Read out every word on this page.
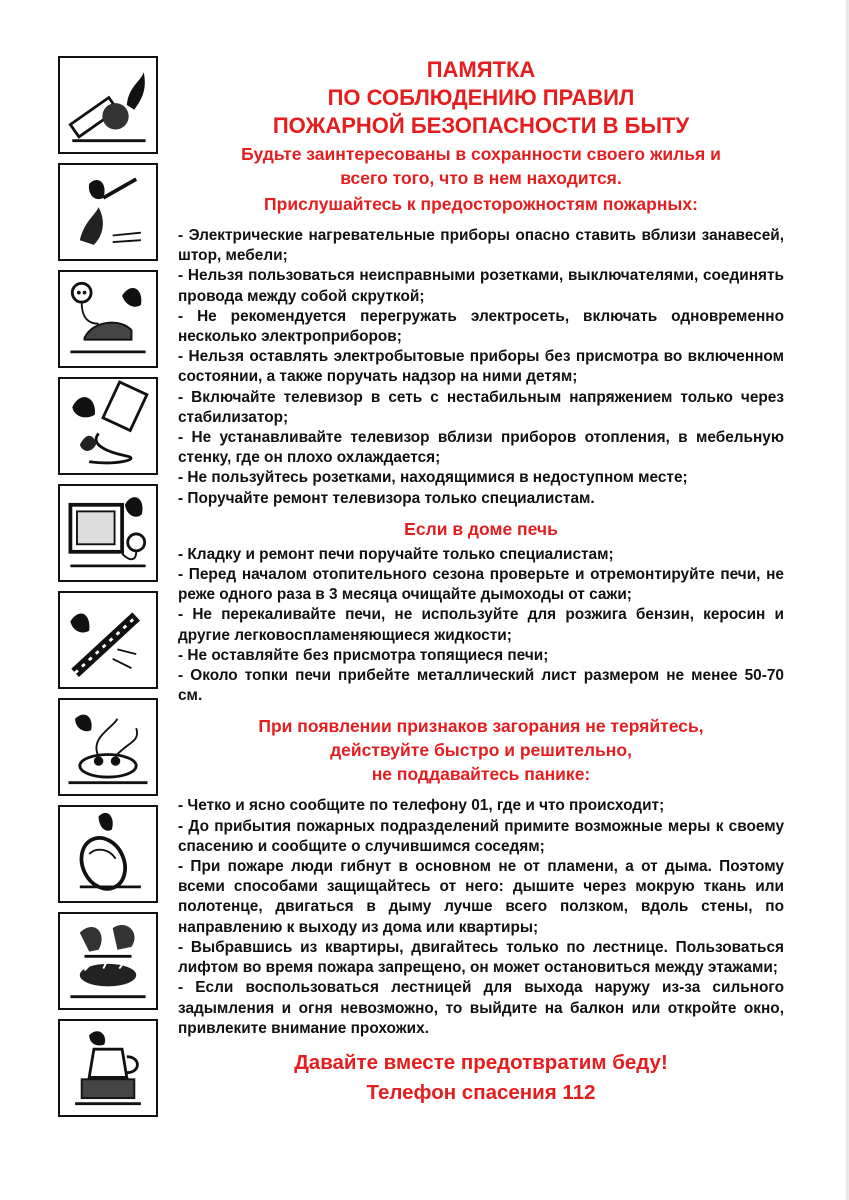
ПАМЯТКА

ПО СОБЛЮДЕНИЮ ПРАВИЛ

ПОЖАРНОЙ БЕЗОПАСНОСТИ В БЫТУ

Будьте заинтересованы в сохранности своего жилья и

всего того, что в нем находится.

Прислушайтесь к предосторожностям пожарных:

- Электрические нагревательные приборы опасно ставить вблизи занавесей, штор, мебели;
- Нельзя пользоваться неисправными розетками, выключателями, соединять провода между собой скруткой;
- Не рекомендуется перегружать электросеть, включать одновременно несколько электроприборов;
- Нельзя оставлять электробытовые приборы без присмотра во включенном состоянии, а также поручать надзор на ними детям;
- Включайте телевизор в сеть с нестабильным напряжением только через стабилизатор;
- Не устанавливайте телевизор вблизи приборов отопления, в мебельную стенку, где он плохо охлаждается;
- Не пользуйтесь розетками, находящимися в недоступном месте;
- Поручайте ремонт телевизора только специалистам.

Если в доме печь

- Кладку и ремонт печи поручайте только специалистам;
- Перед началом отопительного сезона проверьте и отремонтируйте печи, не реже одного раза в 3 месяца очищайте дымоходы от сажи;
- Не перекаливайте печи, не используйте для розжига бензин, керосин и другие легковоспламеняющиеся жидкости;
- Не оставляйте без присмотра топящиеся печи;
- Около топки печи прибейте металлический лист размером не менее 50-70 см.

При появлении признаков загорания не теряйтесь,

действуйте быстро и решительно,

не поддавайтесь панике:

- Четко и ясно сообщите по телефону 01, где и что происходит;
- До прибытия пожарных подразделений примите возможные меры к своему спасению и сообщите о случившимся соседям;
- При пожаре люди гибнут в основном не от пламени, а от дыма. Поэтому всеми способами защищайтесь от него: дышите через мокрую ткань или полотенце, двигаться в дыму лучше всего ползком, вдоль стены, по направлению к выходу из дома или квартиры;
- Выбравшись из квартиры, двигайтесь только по лестнице. Пользоваться лифтом во время пожара запрещено, он может остановиться между этажами;
- Если воспользоваться лестницей для выхода наружу из-за сильного задымления и огня невозможно, то выйдите на балкон или откройте окно, привлеките внимание прохожих.

Давайте вместе предотвратим беду!

Телефон спасения 112
